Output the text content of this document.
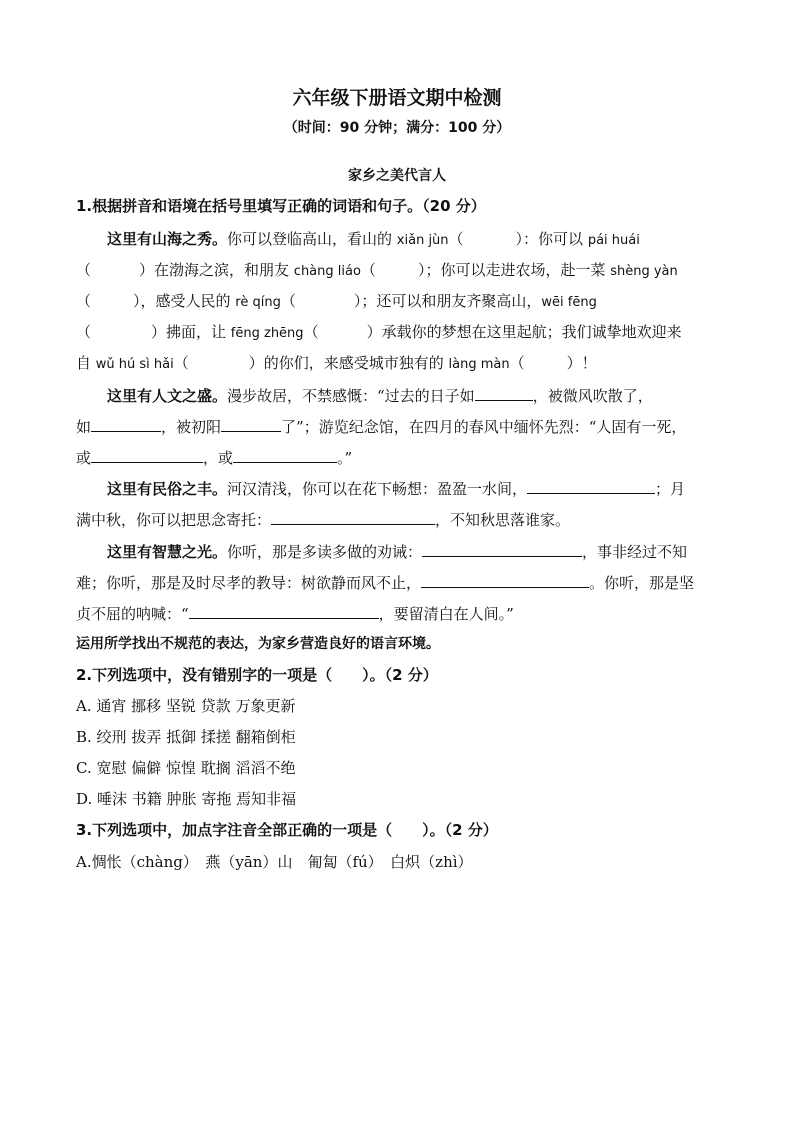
六年级下册语文期中检测
（时间：90 分钟；满分：100 分）
家乡之美代言人
1.根据拼音和语境在括号里填写正确的词语和句子。（20 分）
这里有山海之秀。你可以登临高山，看山的 xiǎn jùn（	）：你可以 pái huái
（	）在渤海之滨，和朋友 chàng liáo（	）；你可以走进农场，赴一菜 shèng yàn
（	），感受人民的 rè qíng（	）；还可以和朋友齐聚高山，wēi fēng
（	）拂面，让 fēng zhēng（	）承载你的梦想在这里起航；我们诚挚地欢迎来
自 wǔ hú sì hǎi（	）的你们，来感受城市独有的 làng màn（	）！
这里有人文之盛。漫步故居，不禁感慨：“过去的日子如	，被微风吹散了，
如	，被初阳	了”；游览纪念馆，在四月的春风中缅怀先烈：“人固有一死，
或	，或	。”
这里有民俗之丰。河汉清浅，你可以在花下畅想：盈盈一水间，	；月
满中秋，你可以把思念寄托：	，不知秋思落谁家。
这里有智慧之光。你听，那是多读多做的劝诫：	，事非经过不知
难；你听，那是及时尽孝的教导：树欲静而风不止，	。你听，那是坚
贞不屈的呐喊：“	，要留清白在人间。”
运用所学找出不规范的表达，为家乡营造良好的语言环境。
2.下列选项中，没有错别字的一项是（　　）。（2 分）
A. 通宵 挪移 坚锐 贷款 万象更新
B. 绞刑 拔弄 抵御 揉搓 翻箱倒柜
C. 宽慰 偏僻 惊惶 耽搁 滔滔不绝
D. 唾沫 书籍 肿胀 寄拖 焉知非福
3.下列选项中，加点字注音全部正确的一项是（　　）。（2 分）
A.惆怅（chàng）　燕（yān）山　匍匐（fú）　白炽（zhì）
